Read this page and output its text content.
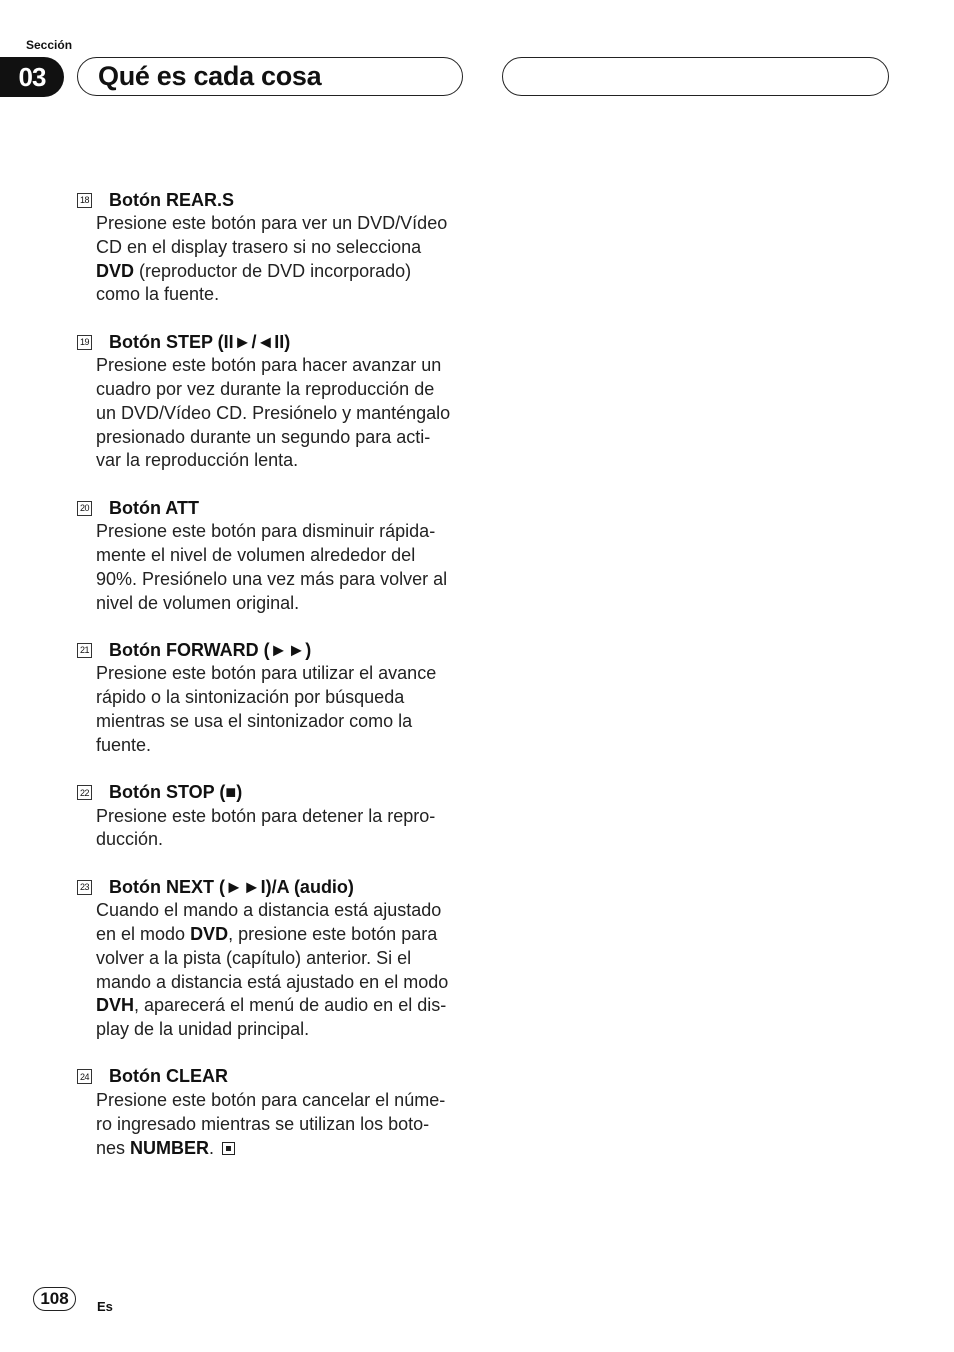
Sección
03	Qué es cada cosa
18 Botón REAR.S
Presione este botón para ver un DVD/Vídeo
CD en el display trasero si no selecciona
DVD (reproductor de DVD incorporado)
como la fuente.
19 Botón STEP (II►/◄II)
Presione este botón para hacer avanzar un
cuadro por vez durante la reproducción de
un DVD/Vídeo CD. Presiónelo y manténgalo
presionado durante un segundo para acti-
var la reproducción lenta.
20 Botón ATT
Presione este botón para disminuir rápida-
mente el nivel de volumen alrededor del
90%. Presiónelo una vez más para volver al
nivel de volumen original.
21 Botón FORWARD (►►)
Presione este botón para utilizar el avance
rápido o la sintonización por búsqueda
mientras se usa el sintonizador como la
fuente.
22 Botón STOP (■)
Presione este botón para detener la repro-
ducción.
23 Botón NEXT (►►I)/A (audio)
Cuando el mando a distancia está ajustado
en el modo DVD, presione este botón para
volver a la pista (capítulo) anterior. Si el
mando a distancia está ajustado en el modo
DVH, aparecerá el menú de audio en el dis-
play de la unidad principal.
24 Botón CLEAR
Presione este botón para cancelar el núme-
ro ingresado mientras se utilizan los boto-
nes NUMBER.
108	Es
